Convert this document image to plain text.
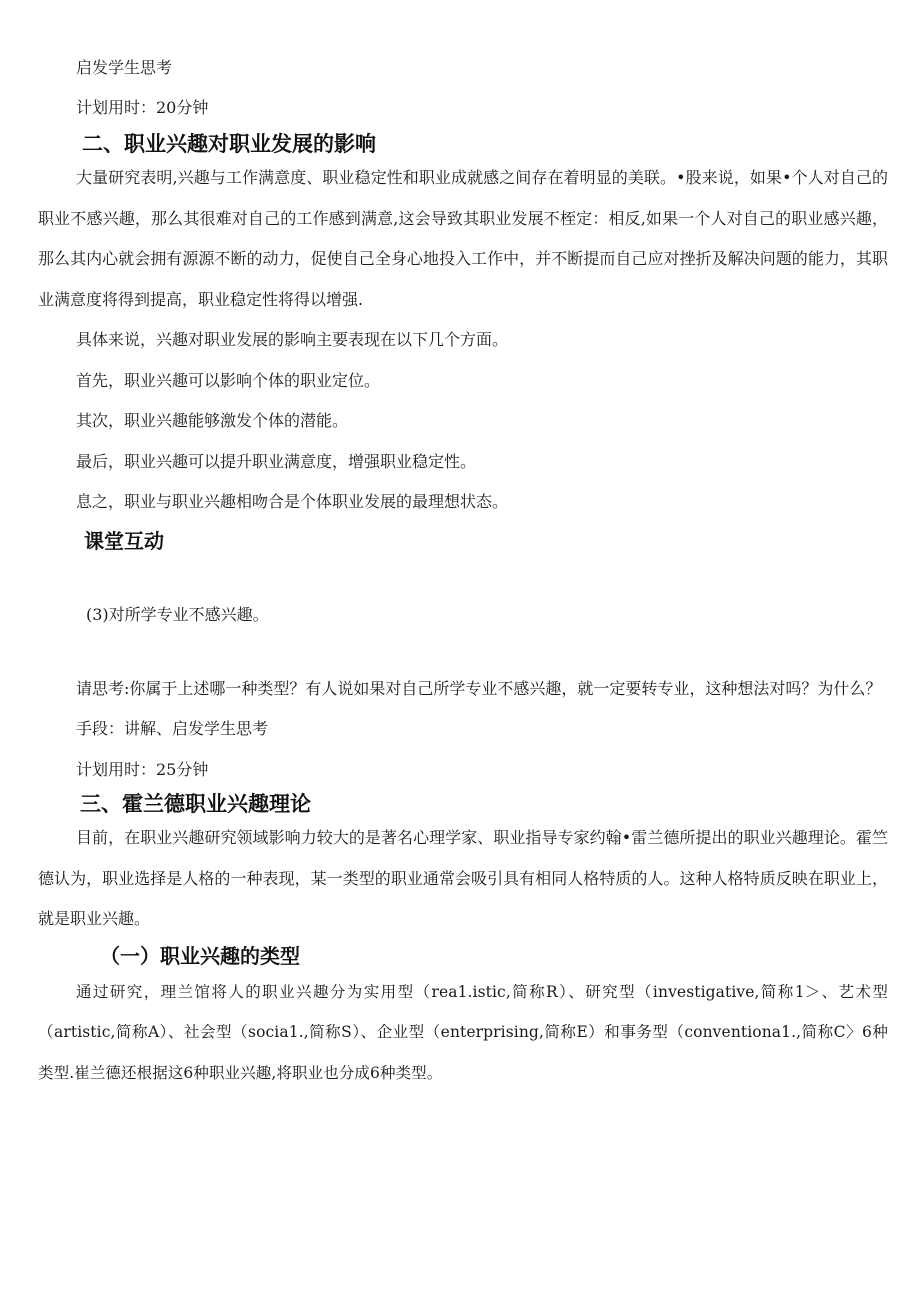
启发学生思考

计划用时：20分钟

二、职业兴趣对职业发展的影响

大量研究表明,兴趣与工作满意度、职业稳定性和职业成就感之间存在着明显的美联。•股来说，如果•个人对自己的职业不感兴趣，那么其很难对自己的工作感到满意,这会导致其职业发展不桎定：相反,如果一个人对自己的职业感兴趣，那么其内心就会拥有源源不断的动力，促使自己全身心地投入工作中，并不断提而自己应对挫折及解决问题的能力，其职业满意度将得到提高，职业稳定性将得以增强.

具体来说，兴趣对职业发展的影响主要表现在以下几个方面。

首先，职业兴趣可以影响个体的职业定位。

其次，职业兴趣能够激发个体的潜能。

最后，职业兴趣可以提升职业满意度，增强职业稳定性。

息之，职业与职业兴趣相吻合是个体职业发展的最理想状态。

课堂互动

(3)对所学专业不感兴趣。

请思考:你属于上述哪一种类型？有人说如果对自己所学专业不感兴趣，就一定要转专业，这种想法对吗？为什么？

手段：讲解、启发学生思考

计划用时：25分钟

三、霍兰德职业兴趣理论

目前，在职业兴趣研究领域影响力较大的是著名心理学家、职业指导专家约翰•雷兰德所提出的职业兴趣理论。霍竺德认为，职业选择是人格的一种表现，某一类型的职业通常会吸引具有相同人格特质的人。这种人格特质反映在职业上，就是职业兴趣。

（一）职业兴趣的类型

通过研究，理兰馆将人的职业兴趣分为实用型（rea1.istic,简称R）、研究型（investigative,简称1＞、艺术型（artistic,简称A）、社会型（socia1.,简称S）、企业型（enterprising,简称E）和事务型（conventiona1.,简称C〉6种类型.崔兰德还根据这6种职业兴趣,将职业也分成6种类型。
